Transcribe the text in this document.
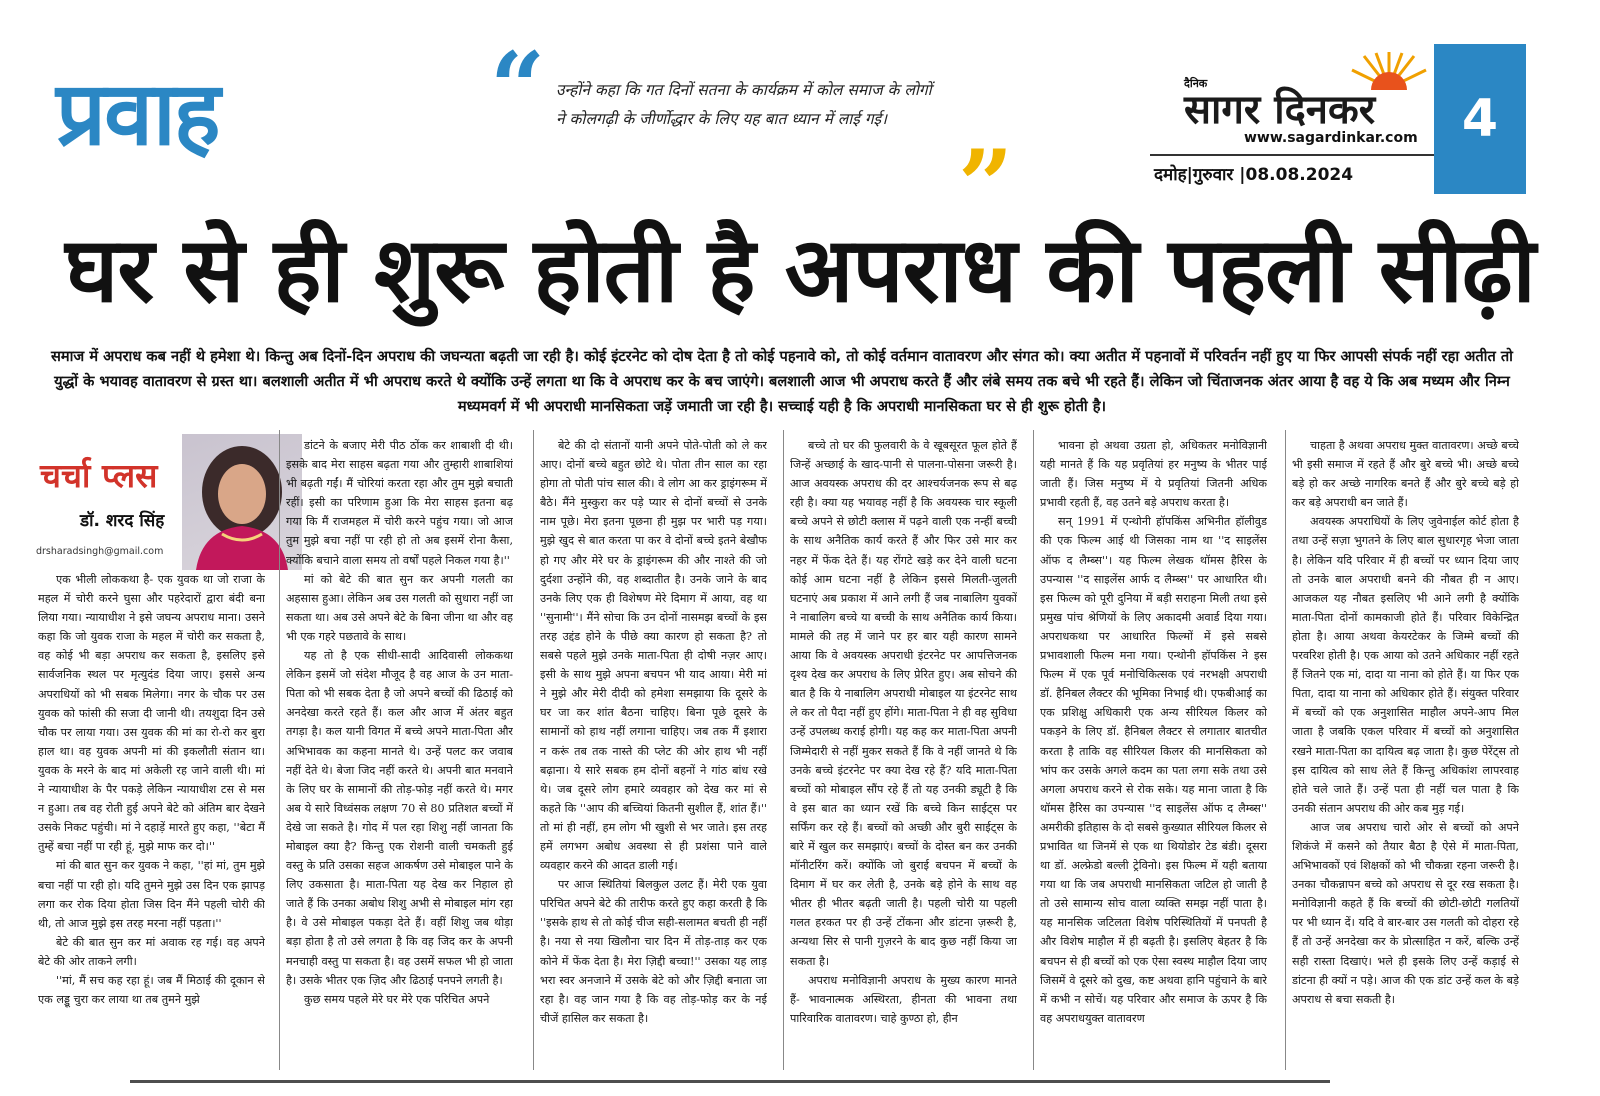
प्रवाह	“ उन्होंने कहा कि गत दिनों सतना के कार्यक्रम में कोल समाज के लोगों ने कोलगढ़ी के जीर्णोद्धार के लिए यह बात ध्यान में लाई गई।
”
दैनिक
सागर दिनकर
www.sagardinkar.com
दमोह|गुरुवार |08.08.2024
4
घर से ही शुरू होती है अपराध की पहली सीढ़ी
समाज में अपराध कब नहीं थे हमेशा थे। किन्तु अब दिनों-दिन अपराध की जघन्यता बढ़ती जा रही है। कोई इंटरनेट को दोष देता है तो कोई पहनावे को, तो कोई वर्तमान वातावरण और संगत को। क्या अतीत में पहनावों में परिवर्तन नहीं हुए या फिर आपसी संपर्क नहीं रहा अतीत तो युद्धों के भयावह वातावरण से ग्रस्त था। बलशाली अतीत में भी अपराध करते थे क्योंकि उन्हें लगता था कि वे अपराध कर के बच जाएंगे। बलशाली आज भी अपराध करते हैं और लंबे समय तक बचे भी रहते हैं। लेकिन जो चिंताजनक अंतर आया है वह ये कि अब मध्यम और निम्न मध्यमवर्ग में भी अपराधी मानसिकता जड़ें जमाती जा रही है। सच्चाई यही है कि अपराधी मानसिकता घर से ही शुरू होती है।
चर्चा प्लस
डॉ. शरद सिंह
drsharadsingh@gmail.com

एक भीली लोककथा है- एक युवक था जो राजा के महल में चोरी करने घुसा और पहरेदारों द्वारा बंदी बना लिया गया। न्यायाधीश ने इसे जघन्य अपराध माना। उसने कहा कि जो युवक राजा के महल में चोरी कर सकता है, वह कोई भी बड़ा अपराध कर सकता है, इसलिए इसे सार्वजनिक स्थल पर मृत्युदंड दिया जाए। इससे अन्य अपराधियों को भी सबक मिलेगा। नगर के चौक पर उस युवक को फांसी की सजा दी जानी थी। तयशुदा दिन उसे चौक पर लाया गया। उस युवक की मां का रो-रो कर बुरा हाल था। वह युवक अपनी मां की इकलौती संतान था। युवक के मरने के बाद मां अकेली रह जाने वाली थी। मां ने न्यायाधीश के पैर पकड़े लेकिन न्यायाधीश टस से मस न हुआ। तब वह रोती हुई अपने बेटे को अंतिम बार देखने उसके निकट पहुंची। मां ने दहाड़ें मारते हुए कहा, ''बेटा मैं तुम्हें बचा नहीं पा रही हूं, मुझे माफ कर दो।''

मां की बात सुन कर युवक ने कहा, ''हां मां, तुम मुझे बचा नहीं पा रही हो। यदि तुमने मुझे उस दिन एक झापड़ लगा कर रोक दिया होता जिस दिन मैंने पहली चोरी की थी, तो आज मुझे इस तरह मरना नहीं पड़ता।''

बेटे की बात सुन कर मां अवाक रह गई। वह अपने बेटे की ओर ताकने लगी।

''मां, मैं सच कह रहा हूं। जब मैं मिठाई की दूकान से एक लड्डू चुरा कर लाया था तब तुमने मुझे

डांटने के बजाए मेरी पीठ ठोंक कर शाबाशी दी थी। इसके बाद मेरा साहस बढ़ता गया और तुम्हारी शाबाशियां भी बढ़ती गईं। मैं चोरियां करता रहा और तुम मुझे बचाती रहीं। इसी का परिणाम हुआ कि मेरा साहस इतना बढ़ गया कि मैं राजमहल में चोरी करने पहुंच गया। जो आज तुम मुझे बचा नहीं पा रही हो तो अब इसमें रोना कैसा, क्योंकि बचाने वाला समय तो वर्षों पहले निकल गया है।''

मां को बेटे की बात सुन कर अपनी गलती का अहसास हुआ। लेकिन अब उस गलती को सुधारा नहीं जा सकता था। अब उसे अपने बेटे के बिना जीना था और वह भी एक गहरे पछतावे के साथ।

यह तो है एक सीधी-सादी आदिवासी लोककथा लेकिन इसमें जो संदेश मौजूद है वह आज के उन माता-पिता को भी सबक देता है जो अपने बच्चों की ढिठाई को अनदेखा करते रहते हैं। कल और आज में अंतर बहुत तगड़ा है। कल यानी विगत में बच्चे अपने माता-पिता और अभिभावक का कहना मानते थे। उन्हें पलट कर जवाब नहीं देते थे। बेजा जिद नहीं करते थे। अपनी बात मनवाने के लिए घर के सामानों की तोड़-फोड़ नहीं करते थे। मगर अब ये सारे विध्वंसक लक्षण 70 से 80 प्रतिशत बच्चों में देखे जा सकते है। गोद में पल रहा शिशु नहीं जानता कि मोबाइल क्या है? किन्तु एक रोशनी वाली चमकती हुई वस्तु के प्रति उसका सहज आकर्षण उसे मोबाइल पाने के लिए उकसाता है। माता-पिता यह देख कर निहाल हो जाते हैं कि उनका अबोध शिशु अभी से मोबाइल मांग रहा है। वे उसे मोबाइल पकड़ा देते हैं। वहीं शिशु जब थोड़ा बड़ा होता है तो उसे लगता है कि वह जिद कर के अपनी मनचाही वस्तु पा सकता है। वह उसमें सफल भी हो जाता है। उसके भीतर एक ज़िद और ढिठाई पनपने लगती है।

कुछ समय पहले मेरे घर मेरे एक परिचित अपने

बेटे की दो संतानों यानी अपने पोते-पोती को ले कर आए। दोनों बच्चे बहुत छोटे थे। पोता तीन साल का रहा होगा तो पोती पांच साल की। वे लोग आ कर ड्राइंगरूम में बैठे। मैंने मुस्कुरा कर पड़े प्यार से दोनों बच्चों से उनके नाम पूछे। मेरा इतना पूछना ही मुझ पर भारी पड़ गया। मुझे खुद से बात करता पा कर वे दोनों बच्चे इतने बेखौफ हो गए और मेरे घर के ड्राइंगरूम की और नाश्ते की जो दुर्दशा उन्होंने की, वह शब्दातीत है। उनके जाने के बाद उनके लिए एक ही विशेषण मेरे दिमाग में आया, वह था ''सुनामी''। मैंने सोचा कि उन दोनों नासमझ बच्चों के इस तरह उद्दंड होने के पीछे क्या कारण हो सकता है? तो सबसे पहले मुझे उनके माता-पिता ही दोषी नज़र आए। इसी के साथ मुझे अपना बचपन भी याद आया। मेरी मां ने मुझे और मेरी दीदी को हमेशा समझाया कि दूसरे के घर जा कर शांत बैठना चाहिए। बिना पूछे दूसरे के सामानों को हाथ नहीं लगाना चाहिए। जब तक मैं इशारा न करूं तब तक नास्ते की प्लेट की ओर हाथ भी नहीं बढ़ाना। ये सारे सबक हम दोनों बहनों ने गांठ बांध रखे थे। जब दूसरे लोग हमारे व्यवहार को देख कर मां से कहते कि ''आप की बच्चियां कितनी सुशील हैं, शांत हैं।'' तो मां ही नहीं, हम लोग भी खुशी से भर जाते। इस तरह हमें लगभग अबोध अवस्था से ही प्रशंसा पाने वाले व्यवहार करने की आदत डाली गई।

पर आज स्थितियां बिलकुल उलट हैं। मेरी एक युवा परिचित अपने बेटे की तारीफ करते हुए कहा करती है कि ''इसके हाथ से तो कोई चीज सही-सलामत बचती ही नहीं है। नया से नया खिलौना चार दिन में तोड़-ताड़ कर एक कोने में फेंक देता है। मेरा ज़िद्दी बच्चा!'' उसका यह लाड़ भरा स्वर अनजाने में उसके बेटे को और ज़िद्दी बनाता जा रहा है। वह जान गया है कि वह तोड़-फोड़ कर के नई चीजें हासिल कर सकता है।

बच्चे तो घर की फुलवारी के वे खूबसूरत फूल होते हैं जिन्हें अच्छाई के खाद-पानी से पालना-पोसना जरूरी है। आज अवयस्क अपराध की दर आश्चर्यजनक रूप से बढ़ रही है। क्या यह भयावह नहीं है कि अवयस्क चार स्कूली बच्चे अपने से छोटी क्लास में पढ़ने वाली एक नन्हीं बच्ची के साथ अनैतिक कार्य करते हैं और फिर उसे मार कर नहर में फेंक देते हैं। यह रोंगटे खड़े कर देने वाली घटना कोई आम घटना नहीं है लेकिन इससे मिलती-जुलती घटनाएं अब प्रकाश में आने लगी हैं जब नाबालिग युवकों ने नाबालिग बच्चे या बच्ची के साथ अनैतिक कार्य किया। मामले की तह में जाने पर हर बार यही कारण सामने आया कि वे अवयस्क अपराधी इंटरनेट पर आपत्तिजनक दृश्य देख कर अपराध के लिए प्रेरित हुए। अब सोचने की बात है कि ये नाबालिग अपराधी मोबाइल या इंटरनेट साथ ले कर तो पैदा नहीं हुए होंगे। माता-पिता ने ही वह सुविधा उन्हें उपलब्ध कराई होगी। यह कह कर माता-पिता अपनी जिम्मेदारी से नहीं मुकर सकते हैं कि वे नहीं जानते थे कि उनके बच्चे इंटरनेट पर क्या देख रहे हैं? यदि माता-पिता बच्चों को मोबाइल सौंप रहे हैं तो यह उनकी ड्यूटी है कि वे इस बात का ध्यान रखें कि बच्चे किन साईट्स पर सर्फिंग कर रहे हैं। बच्चों को अच्छी और बुरी साईट्स के बारे में खुल कर समझाएं। बच्चों के दोस्त बन कर उनकी मॉनीटरिंग करें। क्योंकि जो बुराई बचपन में बच्चों के दिमाग में घर कर लेती है, उनके बड़े होने के साथ वह भीतर ही भीतर बढ़ती जाती है। पहली चोरी या पहली गलत हरकत पर ही उन्हें टोंकना और डांटना ज़रूरी है, अन्यथा सिर से पानी गुज़रने के बाद कुछ नहीं किया जा सकता है।

अपराध मनोविज्ञानी अपराध के मुख्य कारण मानते हैं- भावनात्मक अस्थिरता, हीनता की भावना तथा पारिवारिक वातावरण। चाहे कुण्ठा हो, हीन

भावना हो अथवा उग्रता हो, अधिकतर मनोविज्ञानी यही मानते हैं कि यह प्रवृतियां हर मनुष्य के भीतर पाई जाती हैं। जिस मनुष्य में ये प्रवृतियां जितनी अधिक प्रभावी रहती हैं, वह उतने बड़े अपराध करता है।

सन् 1991 में एन्थोनी हॉपकिंस अभिनीत हॉलीवुड की एक फिल्म आई थी जिसका नाम था ''द साइलेंस ऑफ द लैम्ब्स''। यह फिल्म लेखक थॉमस हैरिस के उपन्यास ''द साइलेंस आर्फ द लैम्ब्स'' पर आधारित थी। इस फिल्म को पूरी दुनिया में बड़ी सराहना मिली तथा इसे प्रमुख पांच श्रेणियों के लिए अकादमी अवार्ड दिया गया। अपराधकथा पर आधारित फिल्मों में इसे सबसे प्रभावशाली फिल्म मना गया। एन्थोनी हॉपकिंस ने इस फिल्म में एक पूर्व मनोचिकित्सक एवं नरभक्षी अपराधी डॉ. हैनिबल लैक्टर की भूमिका निभाई थी। एफबीआई का एक प्रशिक्षु अधिकारी एक अन्य सीरियल किलर को पकड़ने के लिए डॉ. हैनिबल लैक्टर से लगातार बातचीत करता है ताकि वह सीरियल किलर की मानसिकता को भांप कर उसके अगले कदम का पता लगा सके तथा उसे अगला अपराध करने से रोक सके। यह माना जाता है कि थॉमस हैरिस का उपन्यास ''द साइलेंस ऑफ द लैम्ब्स'' अमरीकी इतिहास के दो सबसे कुख्यात सीरियल किलर से प्रभावित था जिनमें से एक था थियोडोर टेड बंडी। दूसरा था डॉ. अल्फ्रेडो बल्ली ट्रेविनो। इस फिल्म में यही बताया गया था कि जब अपराधी मानसिकता जटिल हो जाती है तो उसे सामान्य सोच वाला व्यक्ति समझ नहीं पाता है। यह मानसिक जटिलता विशेष परिस्थितियों में पनपती है और विशेष माहौल में ही बढ़ती है। इसलिए बेहतर है कि बचपन से ही बच्चों को एक ऐसा स्वस्थ माहौल दिया जाए जिसमें वे दूसरे को दुख, कष्ट अथवा हानि पहुंचाने के बारे में कभी न सोचें। यह परिवार और समाज के ऊपर है कि वह अपराधयुक्त वातावरण

चाहता है अथवा अपराध मुक्त वातावरण। अच्छे बच्चे भी इसी समाज में रहते हैं और बुरे बच्चे भी। अच्छे बच्चे बड़े हो कर अच्छे नागरिक बनते हैं और बुरे बच्चे बड़े हो कर बड़े अपराधी बन जाते हैं।

अवयस्क अपराधियों के लिए जुवेनाईल कोर्ट होता है तथा उन्हें सज़ा भुगतने के लिए बाल सुधारगृह भेजा जाता है। लेकिन यदि परिवार में ही बच्चों पर ध्यान दिया जाए तो उनके बाल अपराधी बनने की नौबत ही न आए। आजकल यह नौबत इसलिए भी आने लगी है क्योंकि माता-पिता दोनों कामकाजी होते हैं। परिवार विकेन्द्रित होता है। आया अथवा केयरटेकर के जिम्मे बच्चों की परवरिश होती है। एक आया को उतने अधिकार नहीं रहते हैं जितने एक मां, दादा या नाना को होते हैं। या फिर एक पिता, दादा या नाना को अधिकार होते हैं। संयुक्त परिवार में बच्चों को एक अनुशासित माहौल अपने-आप मिल जाता है जबकि एकल परिवार में बच्चों को अनुशासित रखने माता-पिता का दायित्व बढ़ जाता है। कुछ पेरेंट्स तो इस दायित्व को साध लेते हैं किन्तु अधिकांश लापरवाह होते चले जाते हैं। उन्हें पता ही नहीं चल पाता है कि उनकी संतान अपराध की ओर कब मुड़ गई।

आज जब अपराध चारो ओर से बच्चों को अपने शिकंजे में कसने को तैयार बैठा है ऐसे में माता-पिता, अभिभावकों एवं शिक्षकों को भी चौकन्ना रहना जरूरी है। उनका चौकन्नापन बच्चे को अपराध से दूर रख सकता है। मनोविज्ञानी कहते हैं कि बच्चों की छोटी-छोटी गलतियों पर भी ध्यान दें। यदि वे बार-बार उस गलती को दोहरा रहे हैं तो उन्हें अनदेखा कर के प्रोत्साहित न करें, बल्कि उन्हें सही रास्ता दिखाएं। भले ही इसके लिए उन्हें कड़ाई से डांटना ही क्यों न पड़े। आज की एक डांट उन्हें कल के बड़े अपराध से बचा सकती है।
